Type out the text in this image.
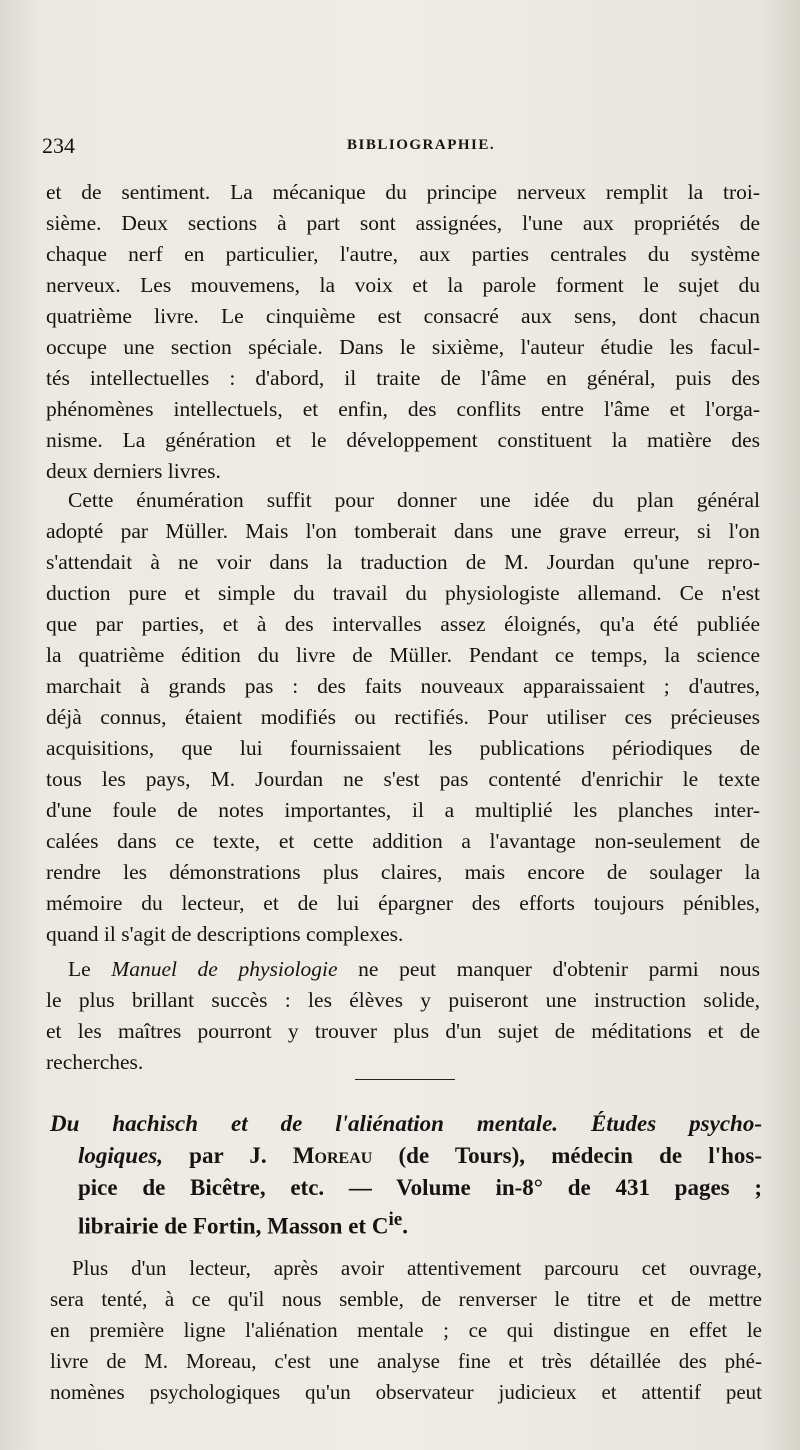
234	BIBLIOGRAPHIE.
et de sentiment. La mécanique du principe nerveux remplit la troi-
sième. Deux sections à part sont assignées, l'une aux propriétés de
chaque nerf en particulier, l'autre, aux parties centrales du système
nerveux. Les mouvemens, la voix et la parole forment le sujet du
quatrième livre. Le cinquième est consacré aux sens, dont chacun
occupe une section spéciale. Dans le sixième, l'auteur étudie les facul-
tés intellectuelles : d'abord, il traite de l'âme en général, puis des
phénomènes intellectuels, et enfin, des conflits entre l'âme et l'orga-
nisme. La génération et le développement constituent la matière des
deux derniers livres.
Cette énumération suffit pour donner une idée du plan général
adopté par Müller. Mais l'on tomberait dans une grave erreur, si l'on
s'attendait à ne voir dans la traduction de M. Jourdan qu'une repro-
duction pure et simple du travail du physiologiste allemand. Ce n'est
que par parties, et à des intervalles assez éloignés, qu'a été publiée
la quatrième édition du livre de Müller. Pendant ce temps, la science
marchait à grands pas : des faits nouveaux apparaissaient ; d'autres,
déjà connus, étaient modifiés ou rectifiés. Pour utiliser ces précieuses
acquisitions, que lui fournissaient les publications périodiques de
tous les pays, M. Jourdan ne s'est pas contenté d'enrichir le texte
d'une foule de notes importantes, il a multiplié les planches inter-
calées dans ce texte, et cette addition a l'avantage non-seulement de
rendre les démonstrations plus claires, mais encore de soulager la
mémoire du lecteur, et de lui épargner des efforts toujours pénibles,
quand il s'agit de descriptions complexes.
Le Manuel de physiologie ne peut manquer d'obtenir parmi nous
le plus brillant succès : les élèves y puiseront une instruction solide,
et les maîtres pourront y trouver plus d'un sujet de méditations et de
recherches.
Du hachisch et de l'aliénation mentale. Études psycho-
logiques, par J. Moreau (de Tours), médecin de l'hos-
pice de Bicêtre, etc. — Volume in-8° de 431 pages ;
librairie de Fortin, Masson et $C^{ie}$.
Plus d'un lecteur, après avoir attentivement parcouru cet ouvrage,
sera tenté, à ce qu'il nous semble, de renverser le titre et de mettre
en première ligne l'aliénation mentale ; ce qui distingue en effet le
livre de M. Moreau, c'est une analyse fine et très détaillée des phé-
nomènes psychologiques qu'un observateur judicieux et attentif peut
